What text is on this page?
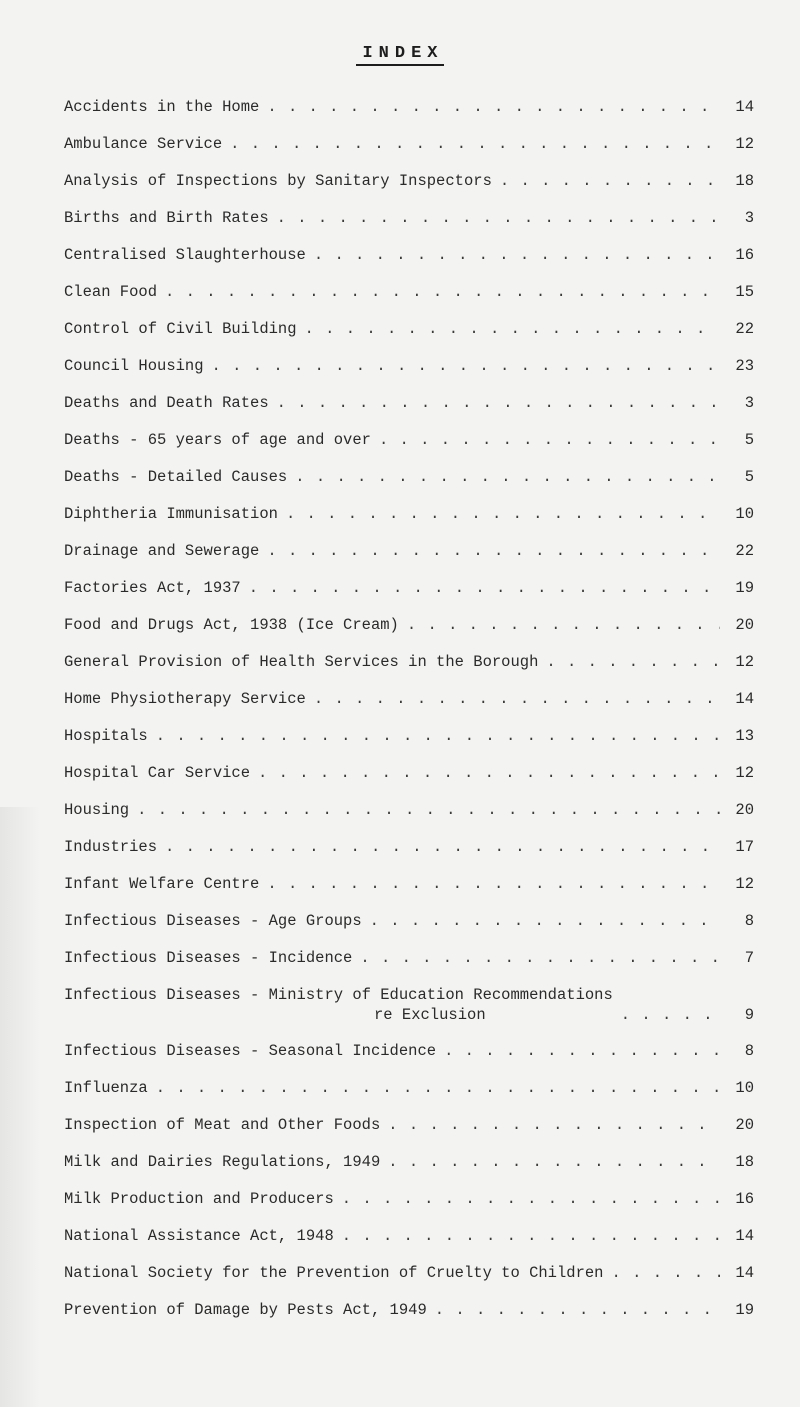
INDEX
Accidents in the Home . . .	14
Ambulance Service . . .	12
Analysis of Inspections by Sanitary Inspectors . . .	18
Births and Birth Rates . . .	3
Centralised Slaughterhouse . . .	16
Clean Food . . .	15
Control of Civil Building . . .	22
Council Housing . . .	23
Deaths and Death Rates . . .	3
Deaths - 65 years of age and over . . .	5
Deaths - Detailed Causes . . .	5
Diphtheria Immunisation . . .	10
Drainage and Sewerage . . .	22
Factories Act, 1937 . . .	19
Food and Drugs Act, 1938 (Ice Cream) . . .	20
General Provision of Health Services in the Borough . . .	12
Home Physiotherapy Service . . .	14
Hospitals . . .	13
Hospital Car Service . . .	12
Housing . . .	20
Industries . . .	17
Infant Welfare Centre . . .	12
Infectious Diseases - Age Groups . . .	8
Infectious Diseases - Incidence . . .	7
Infectious Diseases - Ministry of Education Recommendations
re Exclusion . . .	9
Infectious Diseases - Seasonal Incidence . . .	8
Influenza . . .	10
Inspection of Meat and Other Foods . . .	20
Milk and Dairies Regulations, 1949 . . .	18
Milk Production and Producers . . .	16
National Assistance Act, 1948 . . .	14
National Society for the Prevention of Cruelty to Children . . .	14
Prevention of Damage by Pests Act, 1949 . . .	19
